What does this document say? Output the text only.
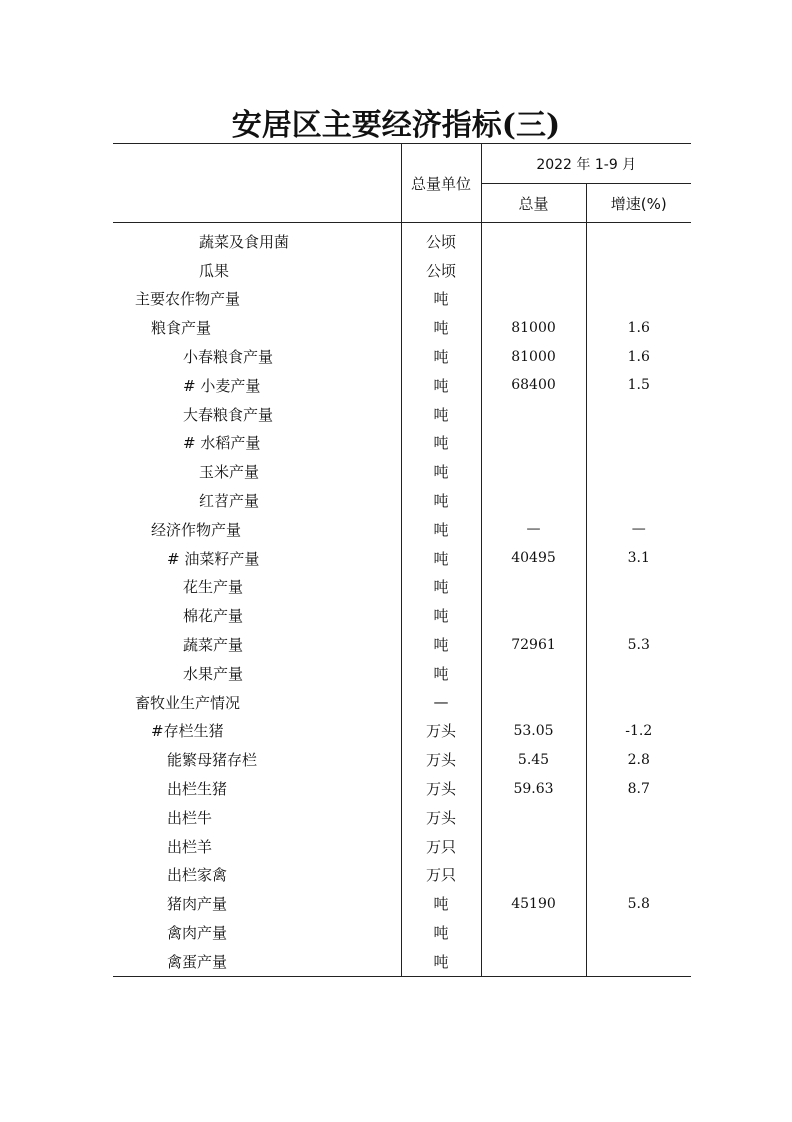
安居区主要经济指标(三)
	总量单位	2022 年 1-9 月	
		总量	增速(%)
蔬菜及食用菌	公顷		
瓜果	公顷		
主要农作物产量	吨		
粮食产量	吨	81000	1.6
小春粮食产量	吨	81000	1.6
# 小麦产量	吨	68400	1.5
大春粮食产量	吨		
# 水稻产量	吨		
玉米产量	吨		
红苕产量	吨		
经济作物产量	吨	—	—
# 油菜籽产量	吨	40495	3.1
花生产量	吨		
棉花产量	吨		
蔬菜产量	吨	72961	5.3
水果产量	吨		
畜牧业生产情况	—		
#存栏生猪	万头	53.05	-1.2
能繁母猪存栏	万头	5.45	2.8
出栏生猪	万头	59.63	8.7
出栏牛	万头		
出栏羊	万只		
出栏家禽	万只		
猪肉产量	吨	45190	5.8
禽肉产量	吨		
禽蛋产量	吨		
